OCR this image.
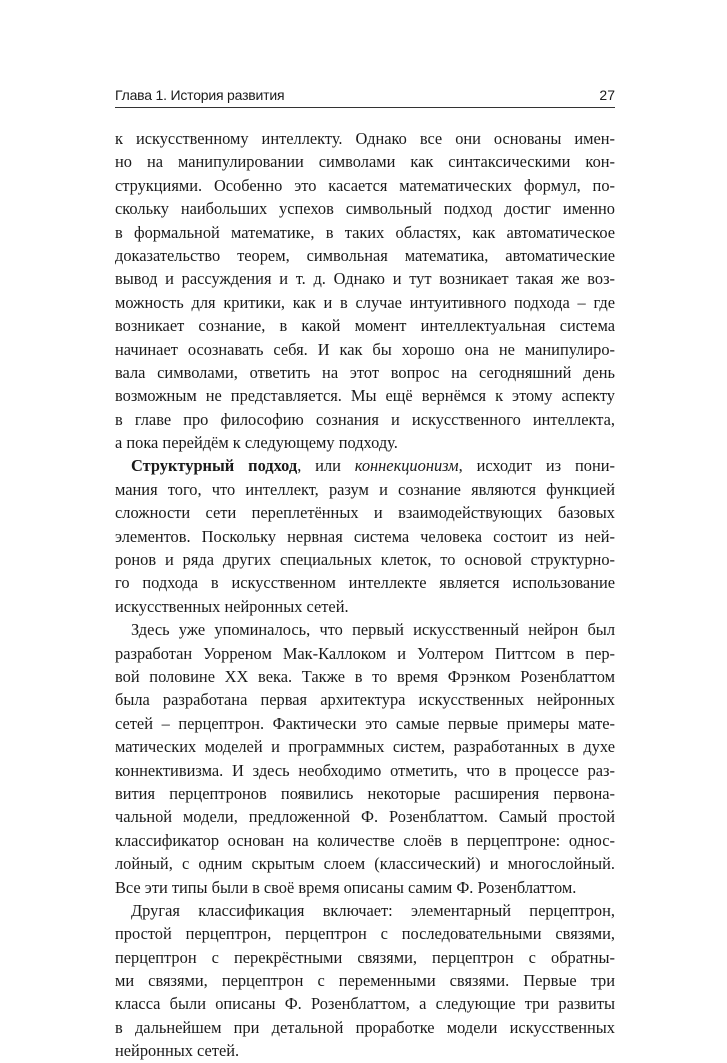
Глава 1. История развития	27
к искусственному интеллекту. Однако все они основаны имен-
но на манипулировании символами как синтаксическими кон-
струкциями. Особенно это касается математических формул, по-
скольку наибольших успехов символьный подход достиг именно
в формальной математике, в таких областях, как автоматическое
доказательство теорем, символьная математика, автоматические
вывод и рассуждения и т. д. Однако и тут возникает такая же воз-
можность для критики, как и в случае интуитивного подхода – где
возникает сознание, в какой момент интеллектуальная система
начинает осознавать себя. И как бы хорошо она не манипулиро-
вала символами, ответить на этот вопрос на сегодняшний день
возможным не представляется. Мы ещё вернёмся к этому аспекту
в главе про философию сознания и искусственного интеллекта,
а пока перейдём к следующему подходу.
Структурный подход, или коннекционизм, исходит из пони-
мания того, что интеллект, разум и сознание являются функцией
сложности сети переплетённых и взаимодействующих базовых
элементов. Поскольку нервная система человека состоит из ней-
ронов и ряда других специальных клеток, то основой структурно-
го подхода в искусственном интеллекте является использование
искусственных нейронных сетей.
Здесь уже упоминалось, что первый искусственный нейрон был
разработан Уорреном Мак-Каллоком и Уолтером Питтсом в пер-
вой половине XX века. Также в то время Фрэнком Розенблаттом
была разработана первая архитектура искусственных нейронных
сетей – перцептрон. Фактически это самые первые примеры мате-
матических моделей и программных систем, разработанных в духе
коннективизма. И здесь необходимо отметить, что в процессе раз-
вития перцептронов появились некоторые расширения первона-
чальной модели, предложенной Ф. Розенблаттом. Самый простой
классификатор основан на количестве слоёв в перцептроне: однос-
лойный, с одним скрытым слоем (классический) и многослойный.
Все эти типы были в своё время описаны самим Ф. Розенблаттом.
Другая классификация включает: элементарный перцептрон,
простой перцептрон, перцептрон с последовательными связями,
перцептрон с перекрёстными связями, перцептрон с обратны-
ми связями, перцептрон с переменными связями. Первые три
класса были описаны Ф. Розенблаттом, а следующие три развиты
в дальнейшем при детальной проработке модели искусственных
нейронных сетей.
